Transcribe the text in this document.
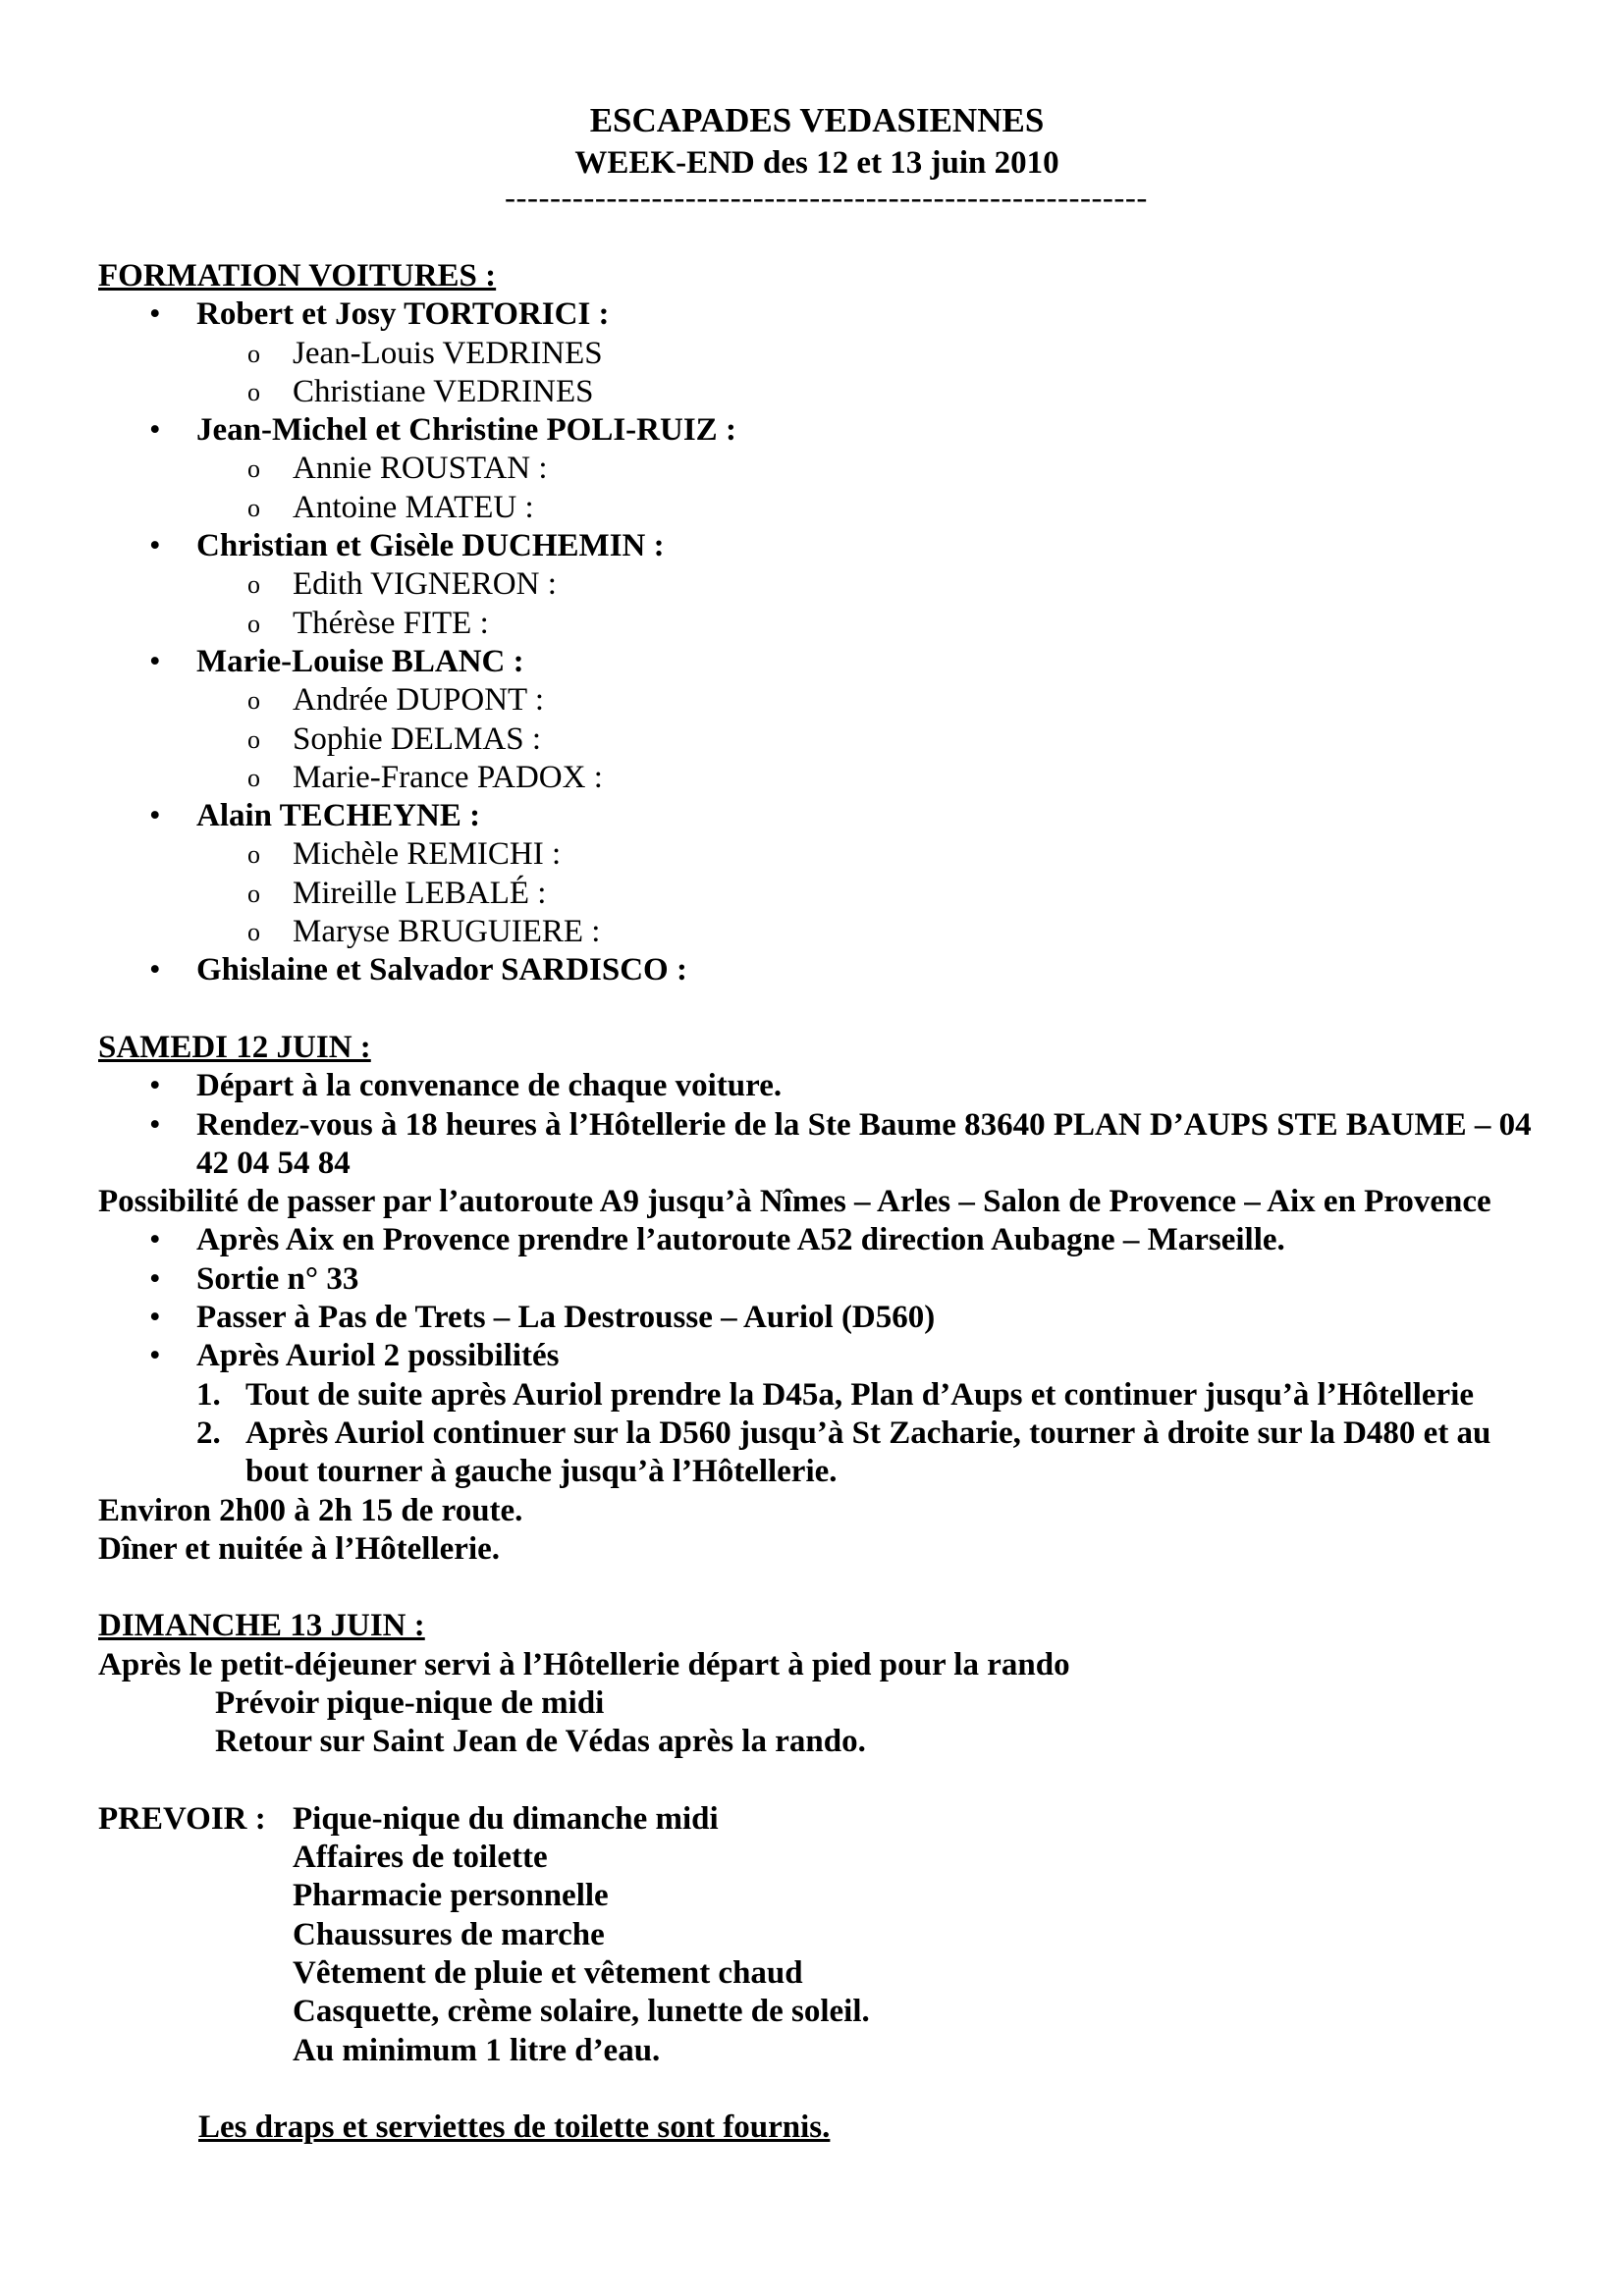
ESCAPADES VEDASIENNES
WEEK-END des 12 et 13 juin 2010
---------------------------------------------------------
FORMATION VOITURES :
• Robert et Josy TORTORICI :
o Jean-Louis VEDRINES
o Christiane VEDRINES
• Jean-Michel et Christine POLI-RUIZ :
o Annie ROUSTAN :
o Antoine MATEU :
• Christian et Gisèle DUCHEMIN :
o Edith VIGNERON :
o Thérèse FITE :
• Marie-Louise BLANC :
o Andrée DUPONT :
o Sophie DELMAS :
o Marie-France PADOX :
• Alain TECHEYNE :
o Michèle REMICHI :
o Mireille LEBALÉ :
o Maryse BRUGUIERE :
• Ghislaine et Salvador SARDISCO :
SAMEDI 12 JUIN :
• Départ à la convenance de chaque voiture.
• Rendez-vous à 18 heures à l’Hôtellerie de la Ste Baume 83640 PLAN D’AUPS STE BAUME – 04 42 04 54 84
Possibilité de passer par l’autoroute A9 jusqu’à Nîmes – Arles – Salon de Provence – Aix en Provence
• Après Aix en Provence prendre l’autoroute A52 direction Aubagne – Marseille.
• Sortie n° 33
• Passer à Pas de Trets – La Destrousse – Auriol (D560)
• Après Auriol 2 possibilités
1. Tout de suite après Auriol prendre la D45a, Plan d’Aups et continuer jusqu’à l’Hôtellerie
2. Après Auriol continuer sur la D560 jusqu’à St Zacharie, tourner à droite sur la D480 et au bout tourner à gauche jusqu’à l’Hôtellerie.
Environ 2h00 à 2h 15 de route.
Dîner et nuitée à l’Hôtellerie.
DIMANCHE 13 JUIN :
Après le petit-déjeuner servi à l’Hôtellerie départ à pied pour la rando
Prévoir pique-nique de midi
Retour sur Saint Jean de Védas après la rando.
PREVOIR : Pique-nique du dimanche midi
Affaires de toilette
Pharmacie personnelle
Chaussures de marche
Vêtement de pluie et vêtement chaud
Casquette, crème solaire, lunette de soleil.
Au minimum 1 litre d’eau.
Les draps et serviettes de toilette sont fournis.
